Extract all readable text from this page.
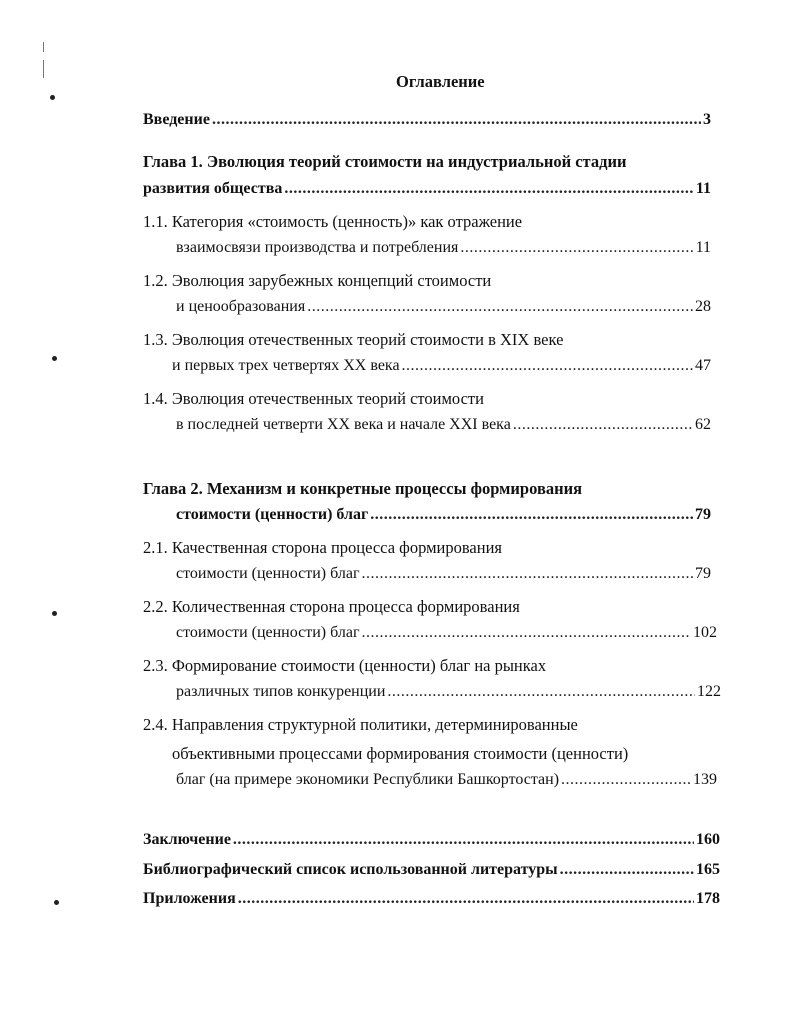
Оглавление
Введение .....	3
Глава 1. Эволюция теорий стоимости на индустриальной стадии
развития общества .....	11
1.1. Категория «стоимость (ценность)» как отражение
взаимосвязи производства и потребления .....	11
1.2. Эволюция зарубежных концепций стоимости
и ценообразования .....	28
1.3. Эволюция отечественных теорий стоимости в XIX веке
и первых трех четвертях XX века .....	47
1.4. Эволюция отечественных теорий стоимости
в последней четверти XX века и начале XXI века .....	62
Глава 2. Механизм и конкретные процессы формирования
стоимости (ценности) благ .....	79
2.1. Качественная сторона процесса формирования
стоимости (ценности) благ .....	79
2.2. Количественная сторона процесса формирования
стоимости (ценности) благ .....	102
2.3. Формирование стоимости (ценности) благ на рынках
различных типов конкуренции .....	122
2.4. Направления структурной политики, детерминированные
объективными процессами формирования стоимости (ценности)
благ (на примере экономики Республики Башкортостан) .....	139
Заключение .....	160
Библиографический список использованной литературы .....	165
Приложения .....	178
